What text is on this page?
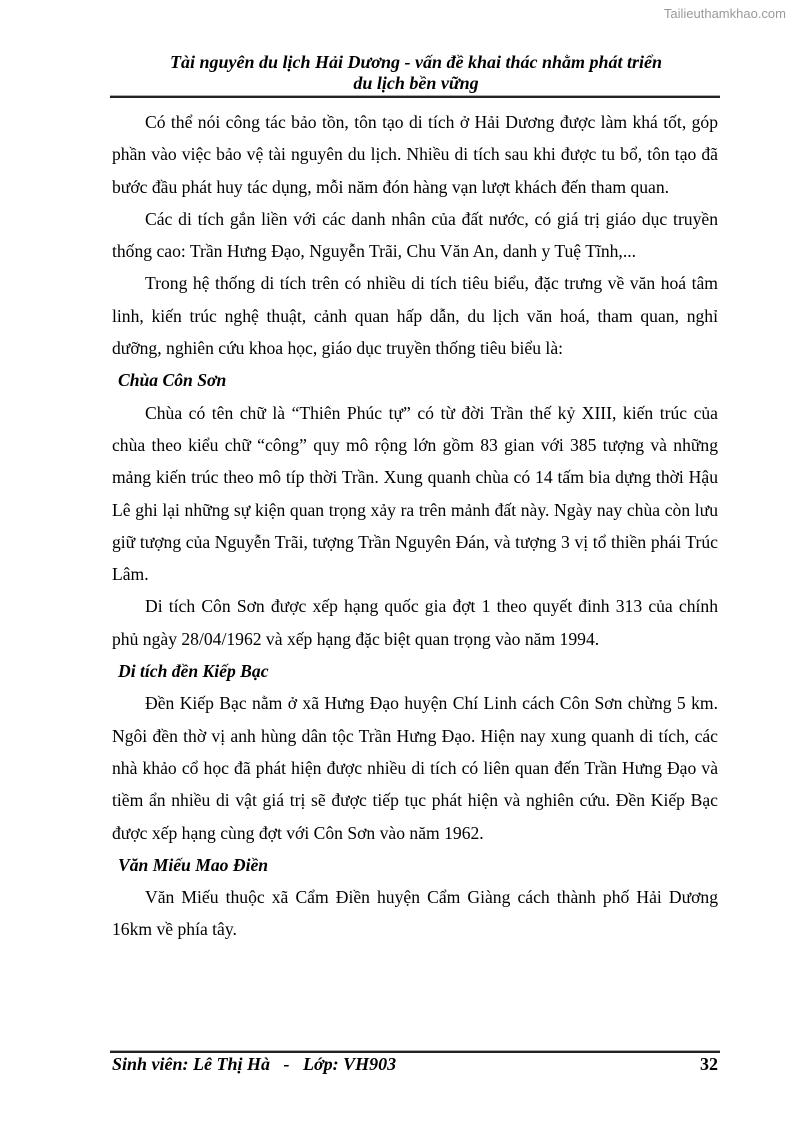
Tailieuthamkhao.com
Tài nguyên du lịch Hải Dương - vấn đề khai thác nhằm phát triển
du lịch bền vững

Có thể nói công tác bảo tồn, tôn tạo di tích ở Hải Dương được làm khá tốt, góp phần vào việc bảo vệ tài nguyên du lịch. Nhiều di tích sau khi được tu bổ, tôn tạo đã bước đầu phát huy tác dụng, mỗi năm đón hàng vạn lượt khách đến tham quan.

Các di tích gắn liền với các danh nhân của đất nước, có giá trị giáo dục truyền thống cao: Trần Hưng Đạo, Nguyễn Trãi, Chu Văn An, danh y Tuệ Tĩnh,...

Trong hệ thống di tích trên có nhiều di tích tiêu biểu, đặc trưng về văn hoá tâm linh, kiến trúc nghệ thuật, cảnh quan hấp dẫn, du lịch văn hoá, tham quan, nghỉ dưỡng, nghiên cứu khoa học, giáo dục truyền thống tiêu biểu là:

Chùa Côn Sơn

Chùa có tên chữ là “Thiên Phúc tự” có từ đời Trần thế kỷ XIII, kiến trúc của chùa theo kiểu chữ “công” quy mô rộng lớn gồm 83 gian với 385 tượng và những mảng kiến trúc theo mô típ thời Trần. Xung quanh chùa có 14 tấm bia dựng thời Hậu Lê ghi lại những sự kiện quan trọng xảy ra trên mảnh đất này. Ngày nay chùa còn lưu giữ tượng của Nguyễn Trãi, tượng Trần Nguyên Đán, và tượng 3 vị tổ thiền phái Trúc Lâm.

Di tích Côn Sơn được xếp hạng quốc gia đợt 1 theo quyết đinh 313 của chính phủ ngày 28/04/1962 và xếp hạng đặc biệt quan trọng vào năm 1994.

Di tích đền Kiếp Bạc

Đền Kiếp Bạc nằm ở xã Hưng Đạo huyện Chí Linh cách Côn Sơn chừng 5 km. Ngôi đền thờ vị anh hùng dân tộc Trần Hưng Đạo. Hiện nay xung quanh di tích, các nhà khảo cổ học đã phát hiện được nhiều di tích có liên quan đến Trần Hưng Đạo và tiềm ẩn nhiều di vật giá trị sẽ được tiếp tục phát hiện và nghiên cứu. Đền Kiếp Bạc được xếp hạng cùng đợt với Côn Sơn vào năm 1962.

Văn Miếu Mao Điền

Văn Miếu thuộc xã Cẩm Điền huyện Cẩm Giàng cách thành phố Hải Dương 16km về phía tây.

Sinh viên: Lê Thị Hà   -   Lớp: VH903	32
